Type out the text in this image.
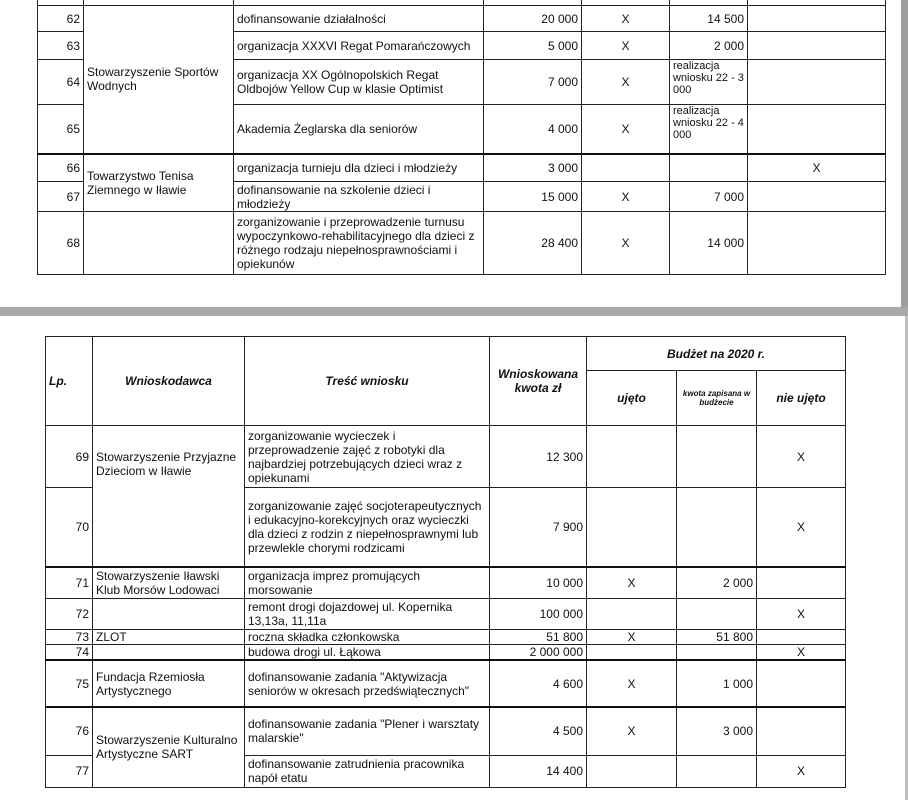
62	Stowarzyszenie Sportów Wodnych	dofinansowanie działalności	20 000	X	14 500	
63		organizacja XXXVI Regat Pomarańczowych	5 000	X	2 000	
64		organizacja XX Ogólnopolskich Regat Oldbojów Yellow Cup w klasie Optimist	7 000	X	realizacja wniosku 22 - 3 000	
65		Akademia Żeglarska dla seniorów	4 000	X	realizacja wniosku 22 - 4 000	
66	Towarzystwo Tenisa Ziemnego w Iławie	organizacja turnieju dla dzieci i młodzieży	3 000			X
67		dofinansowanie na szkolenie dzieci i młodzieży	15 000	X	7 000	
68		zorganizowanie i przeprowadzenie turnusu wypoczynkowo-rehabilitacyjnego dla dzieci z różnego rodzaju niepełnosprawnościami i opiekunów	28 400	X	14 000	
Lp.	Wnioskodawca	Treść wniosku	Wnioskowana kwota zł	Budżet na 2020 r.		
				ujęto	kwota zapisana w budżecie	nie ujęto
69	Stowarzyszenie Przyjazne Dzieciom w Iławie	zorganizowanie wycieczek i przeprowadzenie zajęć z robotyki dla najbardziej potrzebujących dzieci wraz z opiekunami	12 300			X
70		zorganizowanie zajęć socjoterapeutycznych i edukacyjno-korekcyjnych oraz wycieczki dla dzieci z rodzin z niepełnosprawnymi lub przewlekle chorymi rodzicami	7 900			X
71	Stowarzyszenie Iławski Klub Morsów Lodowaci	organizacja imprez promujących morsowanie	10 000	X	2 000	
72		remont drogi dojazdowej ul. Kopernika 13,13a, 11,11a	100 000			X
73	ZLOT	roczna składka członkowska	51 800	X	51 800	
74		budowa drogi ul. Łąkowa	2 000 000			X
75	Fundacja Rzemiosła Artystycznego	dofinansowanie zadania "Aktywizacja seniorów w okresach przedświątecznych"	4 600	X	1 000	
76	Stowarzyszenie Kulturalno Artystyczne SART	dofinansowanie zadania "Plener i warsztaty malarskie"	4 500	X	3 000	
77		dofinansowanie zatrudnienia pracownika napół etatu	14 400			X
